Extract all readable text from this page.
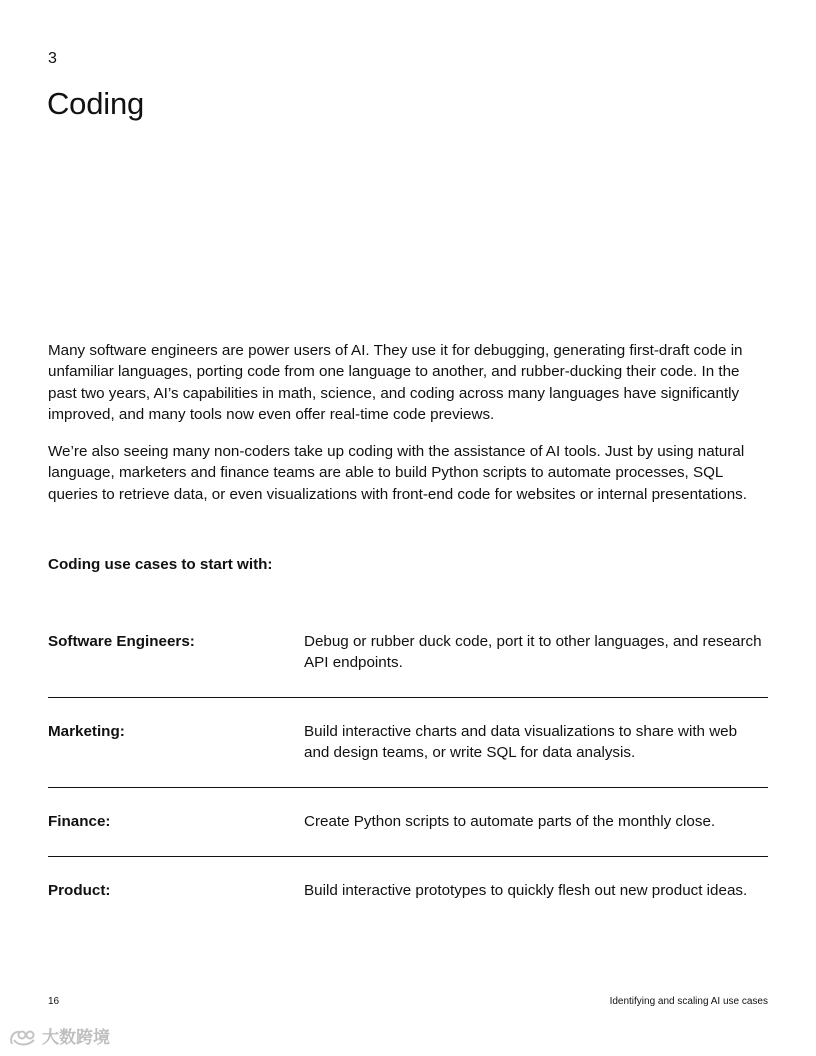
3
Coding

Many software engineers are power users of AI. They use it for debugging, generating first-draft code in unfamiliar languages, porting code from one language to another, and rubber-ducking their code. In the past two years, AI’s capabilities in math, science, and coding across many languages have significantly improved, and many tools now even offer real-time code previews.

We’re also seeing many non-coders take up coding with the assistance of AI tools. Just by using natural language, marketers and finance teams are able to build Python scripts to automate processes, SQL queries to retrieve data, or even visualizations with front-end code for websites or internal presentations.

Coding use cases to start with:
Software Engineers:	Debug or rubber duck code, port it to other languages, and research API endpoints.
Marketing:	Build interactive charts and data visualizations to share with web and design teams, or write SQL for data analysis.
Finance:	Create Python scripts to automate parts of the monthly close.
Product:	Build interactive prototypes to quickly flesh out new product ideas.
16	Identifying and scaling AI use cases
大数跨境
